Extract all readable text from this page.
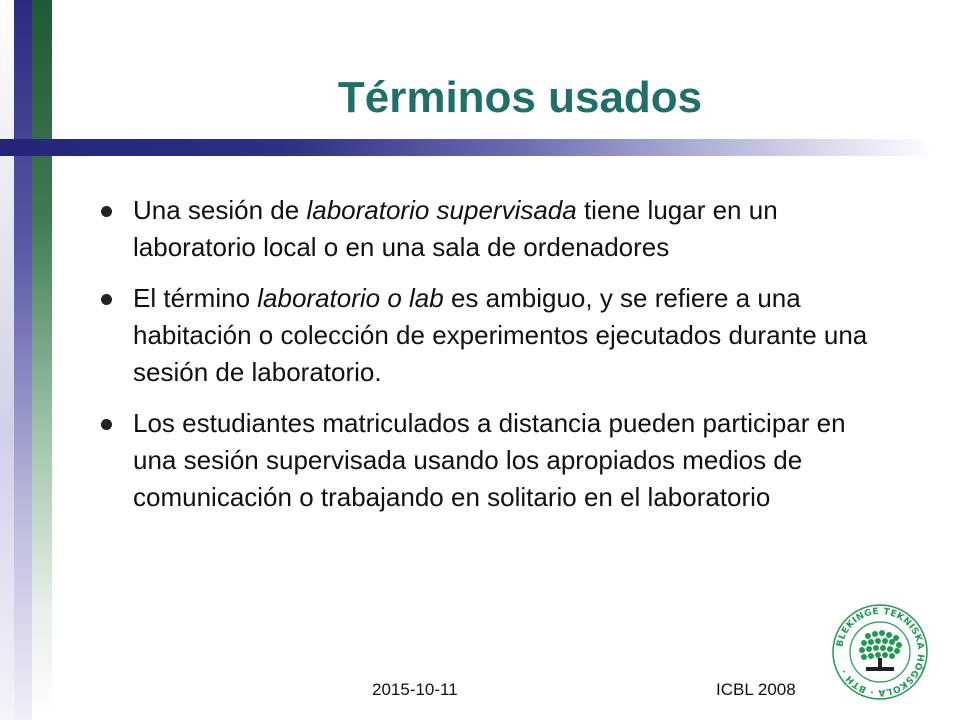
Términos usados
Una sesión de laboratorio supervisada tiene lugar en un laboratorio local o en una sala de ordenadores
El término laboratorio o lab es ambiguo, y se refiere a una habitación o colección de experimentos ejecutados durante una sesión de laboratorio.
Los estudiantes matriculados a distancia pueden participar en una sesión supervisada usando los apropiados medios de comunicación o trabajando en solitario en el laboratorio
2015-10-11	ICBL 2008
BLEKINGE TEKNISKA HÖGSKOLA · BTH ·
